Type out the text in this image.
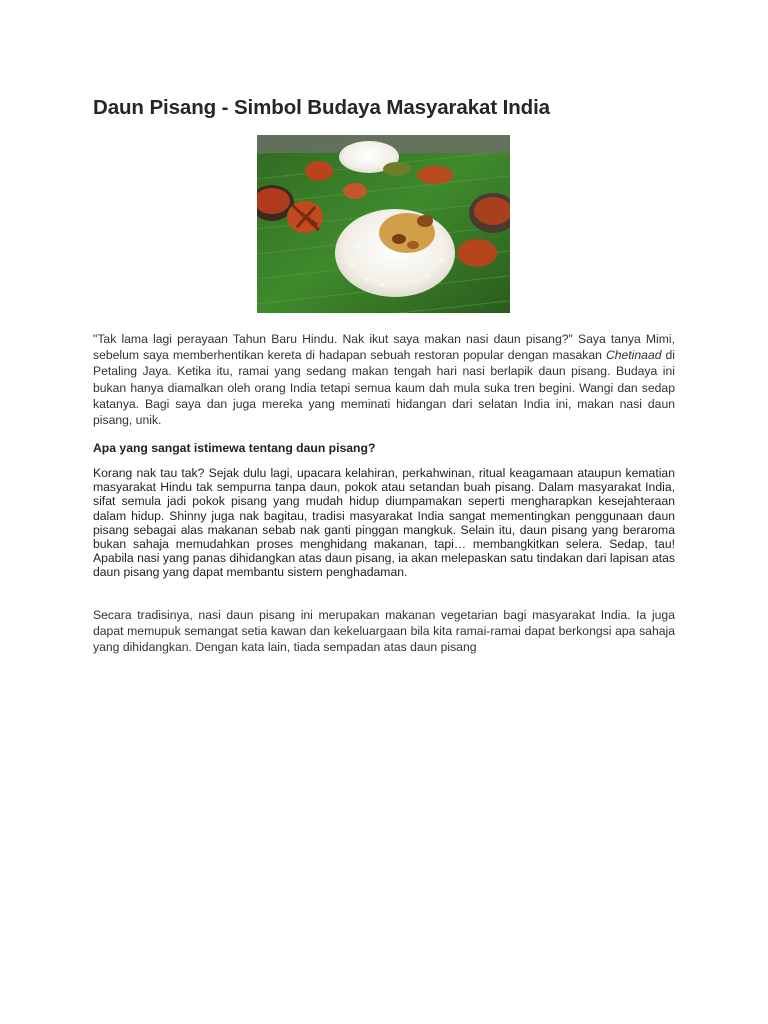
Daun Pisang - Simbol Budaya Masyarakat India

"Tak lama lagi perayaan Tahun Baru Hindu. Nak ikut saya makan nasi daun pisang?" Saya tanya Mimi, sebelum saya memberhentikan kereta di hadapan sebuah restoran popular dengan masakan Chetinaad di Petaling Jaya. Ketika itu, ramai yang sedang makan tengah hari nasi berlapik daun pisang. Budaya ini bukan hanya diamalkan oleh orang India tetapi semua kaum dah mula suka tren begini. Wangi dan sedap katanya. Bagi saya dan juga mereka yang meminati hidangan dari selatan India ini, makan nasi daun pisang, unik.

Apa yang sangat istimewa tentang daun pisang?

Korang nak tau tak? Sejak dulu lagi, upacara kelahiran, perkahwinan, ritual keagamaan ataupun kematian masyarakat Hindu tak sempurna tanpa daun, pokok atau setandan buah pisang. Dalam masyarakat India, sifat semula jadi pokok pisang yang mudah hidup diumpamakan seperti mengharapkan kesejahteraan dalam hidup. Shinny juga nak bagitau, tradisi masyarakat India sangat mementingkan penggunaan daun pisang sebagai alas makanan sebab nak ganti pinggan mangkuk. Selain itu, daun pisang yang beraroma bukan sahaja memudahkan proses menghidang makanan, tapi… membangkitkan selera. Sedap, tau! Apabila nasi yang panas dihidangkan atas daun pisang, ia akan melepaskan satu tindakan dari lapisan atas daun pisang yang dapat membantu sistem penghadaman.

Secara tradisinya, nasi daun pisang ini merupakan makanan vegetarian bagi masyarakat India. Ia juga dapat memupuk semangat setia kawan dan kekeluargaan bila kita ramai-ramai dapat berkongsi apa sahaja yang dihidangkan. Dengan kata lain, tiada sempadan atas daun pisang
